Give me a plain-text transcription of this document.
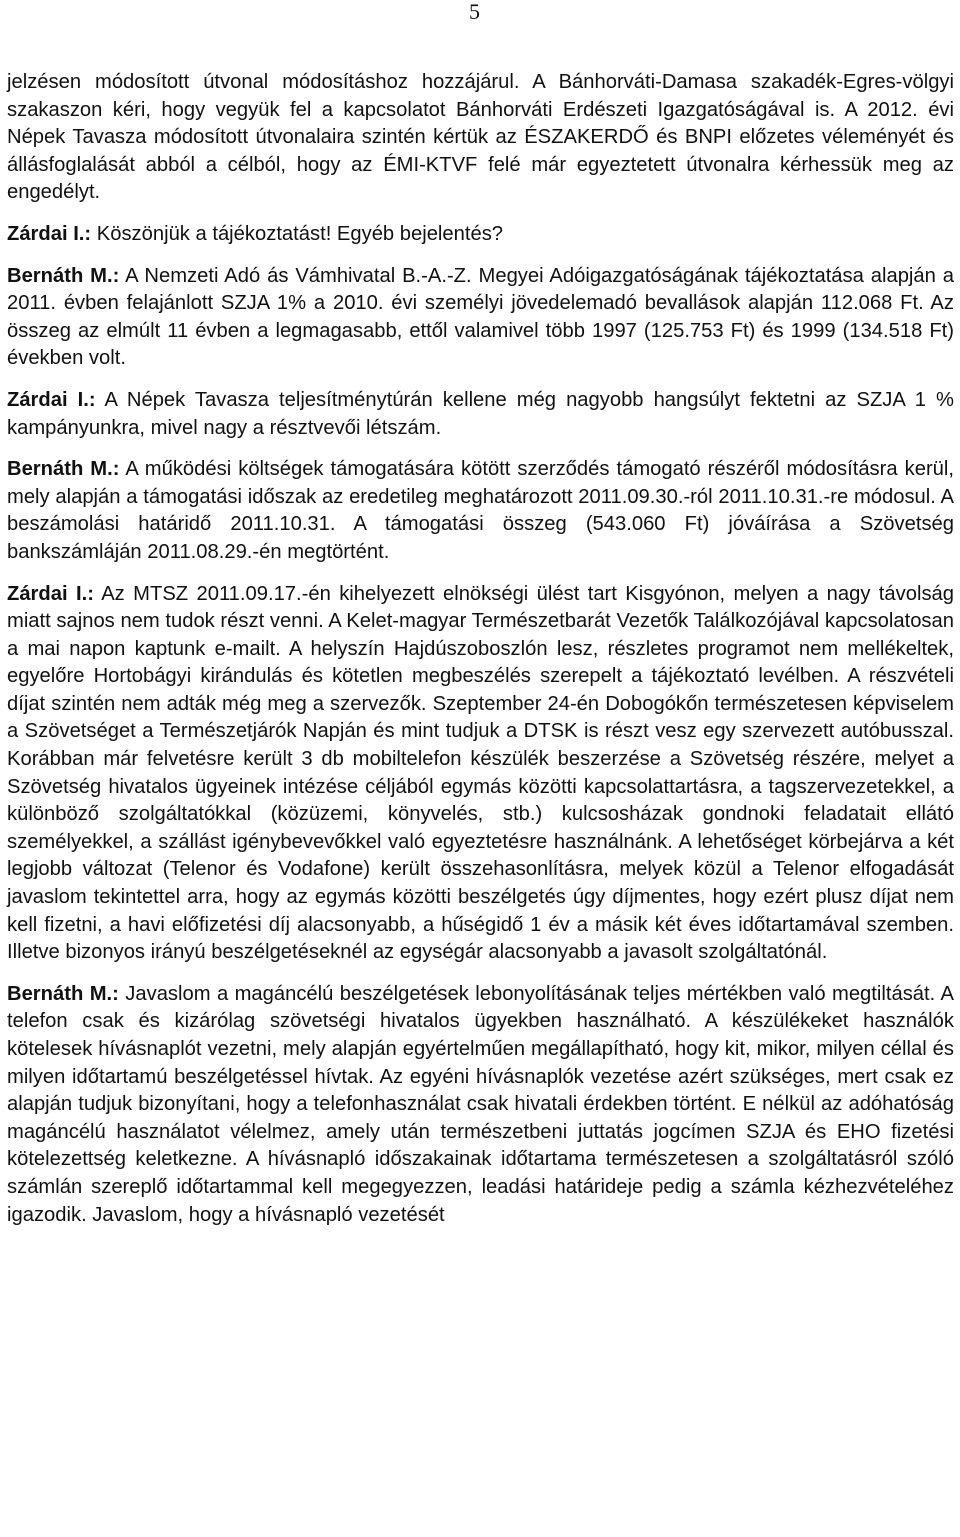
5

jelzésen módosított útvonal módosításhoz hozzájárul. A Bánhorváti-Damasa szakadék-Egres-völgyi szakaszon kéri, hogy vegyük fel a kapcsolatot Bánhorváti Erdészeti Igazgatóságával is. A 2012. évi Népek Tavasza módosított útvonalaira szintén kértük az ÉSZAKERDŐ és BNPI előzetes véleményét és állásfoglalását abból a célból, hogy az ÉMI-KTVF felé már egyeztetett útvonalra kérhessük meg az engedélyt.

Zárdai I.: Köszönjük a tájékoztatást! Egyéb bejelentés?

Bernáth M.: A Nemzeti Adó ás Vámhivatal B.-A.-Z. Megyei Adóigazgatóságának tájékoztatása alapján a 2011. évben felajánlott SZJA 1% a 2010. évi személyi jövedelemadó bevallások alapján 112.068 Ft. Az összeg az elmúlt 11 évben a legmagasabb, ettől valamivel több 1997 (125.753 Ft) és 1999 (134.518 Ft) években volt.

Zárdai I.: A Népek Tavasza teljesítménytúrán kellene még nagyobb hangsúlyt fektetni az SZJA 1 % kampányunkra, mivel nagy a résztvevői létszám.

Bernáth M.: A működési költségek támogatására kötött szerződés támogató részéről módosításra kerül, mely alapján a támogatási időszak az eredetileg meghatározott 2011.09.30.-ról 2011.10.31.-re módosul. A beszámolási határidő 2011.10.31. A támogatási összeg (543.060 Ft) jóváírása a Szövetség bankszámláján 2011.08.29.-én megtörtént.

Zárdai I.: Az MTSZ 2011.09.17.-én kihelyezett elnökségi ülést tart Kisgyónon, melyen a nagy távolság miatt sajnos nem tudok részt venni. A Kelet-magyar Természetbarát Vezetők Találkozójával kapcsolatosan a mai napon kaptunk e-mailt. A helyszín Hajdúszoboszlón lesz, részletes programot nem mellékeltek, egyelőre Hortobágyi kirándulás és kötetlen megbeszélés szerepelt a tájékoztató levélben. A részvételi díjat szintén nem adták még meg a szervezők. Szeptember 24-én Dobogókőn természetesen képviselem a Szövetséget a Természetjárók Napján és mint tudjuk a DTSK is részt vesz egy szervezett autóbusszal. Korábban már felvetésre került 3 db mobiltelefon készülék beszerzése a Szövetség részére, melyet a Szövetség hivatalos ügyeinek intézése céljából egymás közötti kapcsolattartásra, a tagszervezetekkel, a különböző szolgáltatókkal (közüzemi, könyvelés, stb.) kulcsosházak gondnoki feladatait ellátó személyekkel, a szállást igénybevevőkkel való egyeztetésre használnánk. A lehetőséget körbejárva a két legjobb változat (Telenor és Vodafone) került összehasonlításra, melyek közül a Telenor elfogadását javaslom tekintettel arra, hogy az egymás közötti beszélgetés úgy díjmentes, hogy ezért plusz díjat nem kell fizetni, a havi előfizetési díj alacsonyabb, a hűségidő 1 év a másik két éves időtartamával szemben. Illetve bizonyos irányú beszélgetéseknél az egységár alacsonyabb a javasolt szolgáltatónál.

Bernáth M.: Javaslom a magáncélú beszélgetések lebonyolításának teljes mértékben való megtiltását. A telefon csak és kizárólag szövetségi hivatalos ügyekben használható. A készülékeket használók kötelesek hívásnaplót vezetni, mely alapján egyértelműen megállapítható, hogy kit, mikor, milyen céllal és milyen időtartamú beszélgetéssel hívtak. Az egyéni hívásnaplók vezetése azért szükséges, mert csak ez alapján tudjuk bizonyítani, hogy a telefonhasználat csak hivatali érdekben történt. E nélkül az adóhatóság magáncélú használatot vélelmez, amely után természetbeni juttatás jogcímen SZJA és EHO fizetési kötelezettség keletkezne. A hívásnapló időszakainak időtartama természetesen a szolgáltatásról szóló számlán szereplő időtartammal kell megegyezzen, leadási határideje pedig a számla kézhezvételéhez igazodik. Javaslom, hogy a hívásnapló vezetését
